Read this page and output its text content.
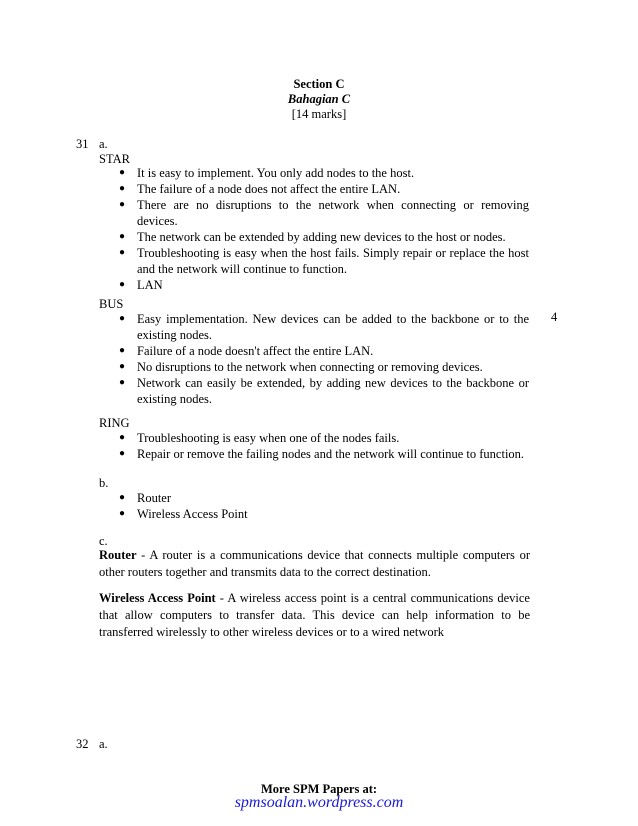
Section C
Bahagian C
[14 marks]
31 a.
STAR
● It is easy to implement. You only add nodes to the host.
● The failure of a node does not affect the entire LAN.
● There are no disruptions to the network when connecting or removing devices.
● The network can be extended by adding new devices to the host or nodes.
● Troubleshooting is easy when the host fails. Simply repair or replace the host and the network will continue to function.
● LAN
BUS
● Easy implementation. New devices can be added to the backbone or to the existing nodes.
● Failure of a node doesn't affect the entire LAN.
● No disruptions to the network when connecting or removing devices.
● Network can easily be extended, by adding new devices to the backbone or existing nodes.
4
RING
● Troubleshooting is easy when one of the nodes fails.
● Repair or remove the failing nodes and the network will continue to function.
b.
● Router
● Wireless Access Point
c.
Router - A router is a communications device that connects multiple computers or other routers together and transmits data to the correct destination.
Wireless Access Point - A wireless access point is a central communications device that allow computers to transfer data. This device can help information to be transferred wirelessly to other wireless devices or to a wired network
32 a.
More SPM Papers at:
spmsoalan.wordpress.com
